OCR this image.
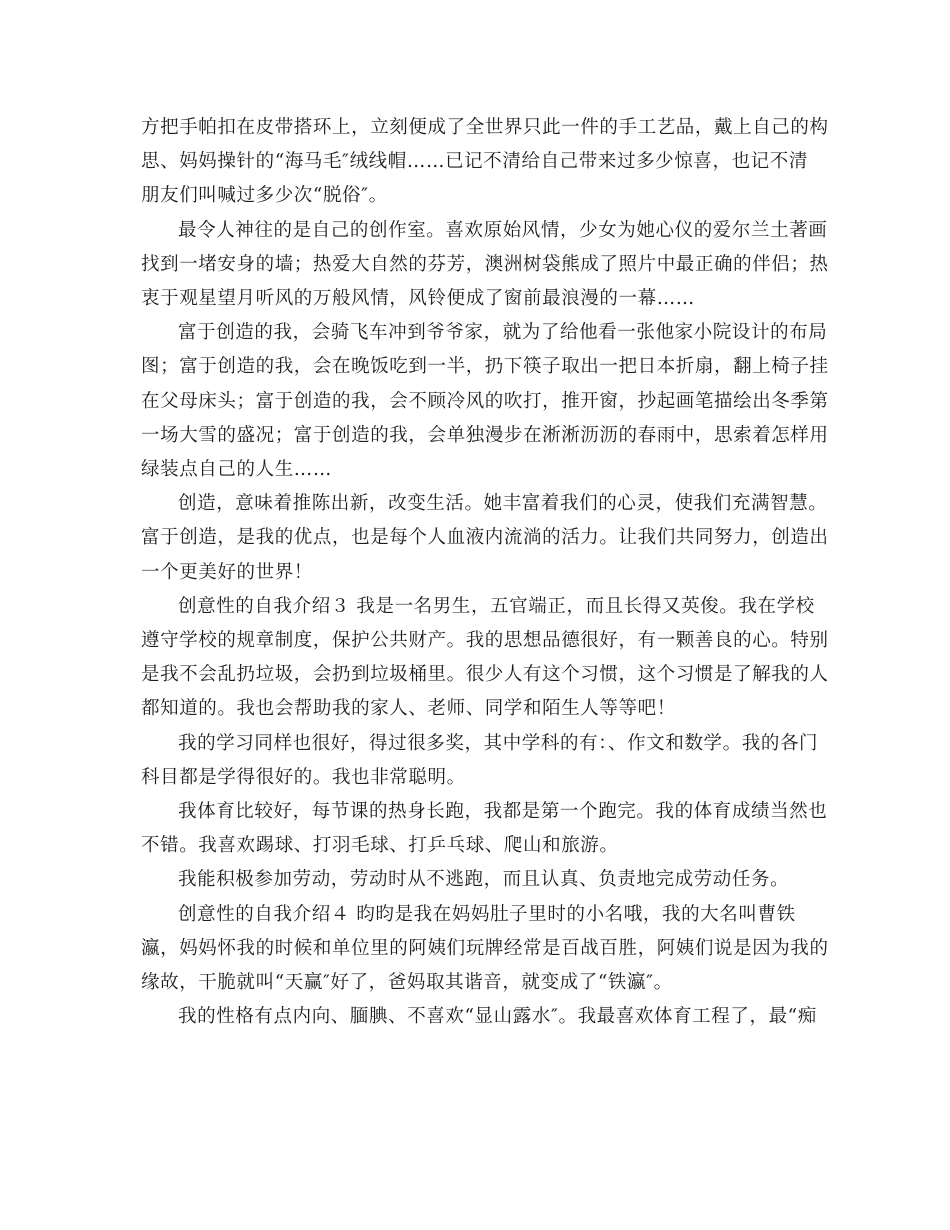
方把手帕扣在皮带搭环上，立刻便成了全世界只此一件的手工艺品，戴上自己的构
思、妈妈操针的“海马毛″绒线帽……已记不清给自己带来过多少惊喜，也记不清
朋友们叫喊过多少次“脱俗″。

最令人神往的是自己的创作室。喜欢原始风情，少女为她心仪的爱尔兰土著画
找到一堵安身的墙；热爱大自然的芬芳，澳洲树袋熊成了照片中最正确的伴侣；热
衷于观星望月听风的万般风情，风铃便成了窗前最浪漫的一幕……

富于创造的我，会骑飞车冲到爷爷家，就为了给他看一张他家小院设计的布局
图；富于创造的我，会在晚饭吃到一半，扔下筷子取出一把日本折扇，翻上椅子挂
在父母床头；富于创造的我，会不顾冷风的吹打，推开窗，抄起画笔描绘出冬季第
一场大雪的盛况；富于创造的我，会单独漫步在淅淅沥沥的春雨中，思索着怎样用
绿装点自己的人生……

创造，意味着推陈出新，改变生活。她丰富着我们的心灵，使我们充满智慧。
富于创造，是我的优点，也是每个人血液内流淌的活力。让我们共同努力，创造出
一个更美好的世界！

创意性的自我介绍３ 我是一名男生，五官端正，而且长得又英俊。我在学校
遵守学校的规章制度，保护公共财产。我的思想品德很好，有一颗善良的心。特别
是我不会乱扔垃圾，会扔到垃圾桶里。很少人有这个习惯，这个习惯是了解我的人
都知道的。我也会帮助我的家人、老师、同学和陌生人等等吧！

我的学习同样也很好，得过很多奖，其中学科的有：、作文和数学。我的各门
科目都是学得很好的。我也非常聪明。

我体育比较好，每节课的热身长跑，我都是第一个跑完。我的体育成绩当然也
不错。我喜欢踢球、打羽毛球、打乒乓球、爬山和旅游。

我能积极参加劳动，劳动时从不逃跑，而且认真、负责地完成劳动任务。

创意性的自我介绍４ 昀昀是我在妈妈肚子里时的小名哦，我的大名叫曹铁
瀛，妈妈怀我的时候和单位里的阿姨们玩牌经常是百战百胜，阿姨们说是因为我的
缘故，干脆就叫“天赢″好了，爸妈取其谐音，就变成了“铁瀛″。

我的性格有点内向、腼腆、不喜欢“显山露水″。我最喜欢体育工程了，最“痴
